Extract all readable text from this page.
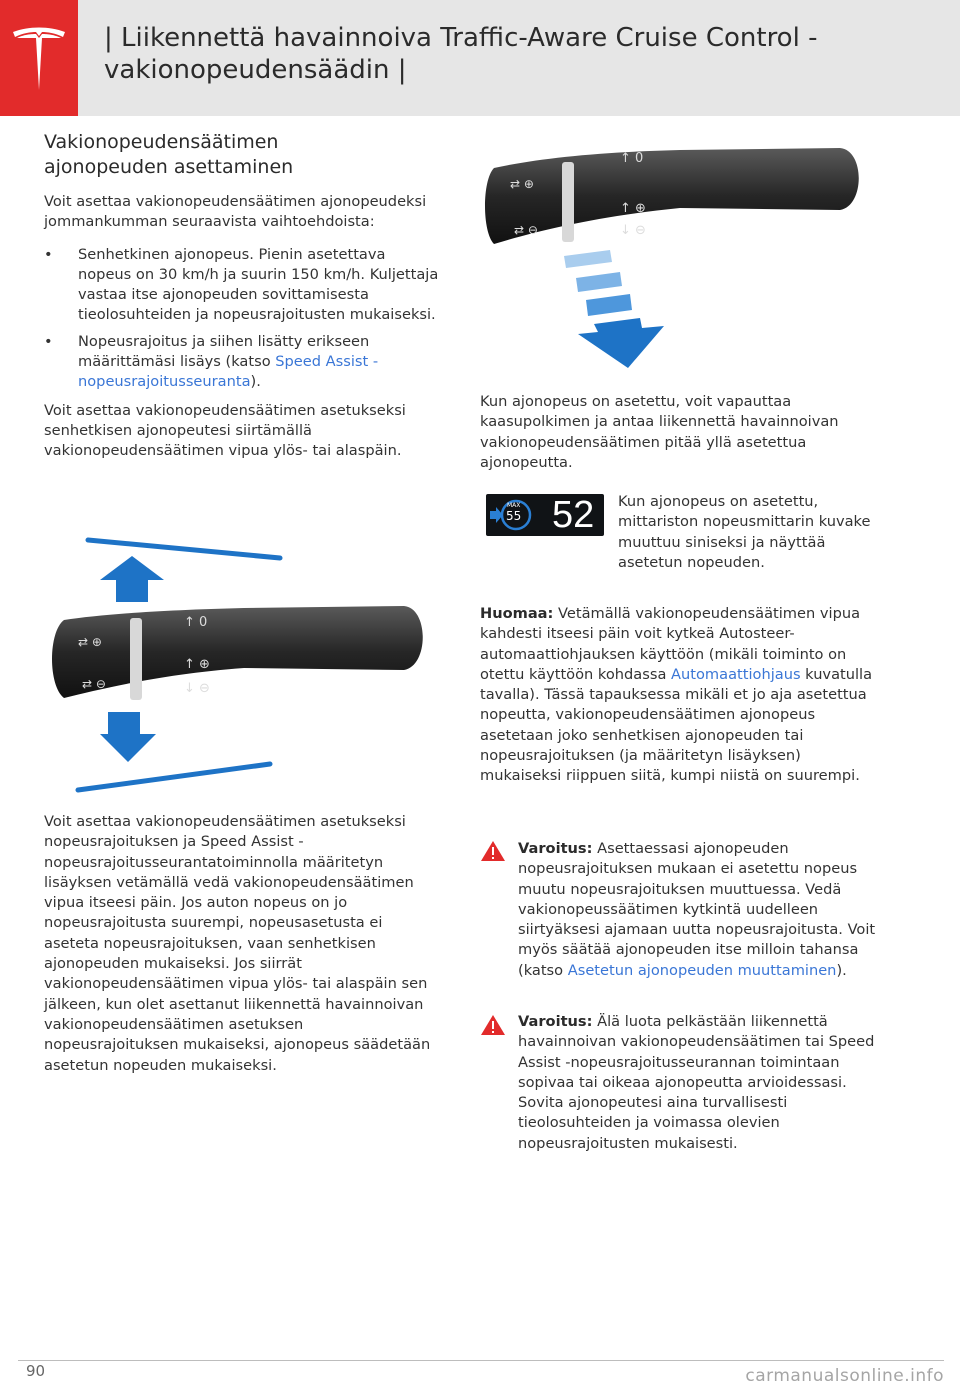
| Liikennettä havainnoiva Traffic-Aware Cruise Control -
vakionopeudensäädin |
Vakionopeudensäätimen
ajonopeuden asettaminen

Voit asettaa vakionopeudensäätimen ajonopeudeksi jommankumman seuraavista vaihtoehdoista:

• Senhetkinen ajonopeus. Pienin asetettava nopeus on 30 km/h ja suurin 150 km/h. Kuljettaja vastaa itse ajonopeuden sovittamisesta tieolosuhteiden ja nopeusrajoitusten mukaiseksi.
• Nopeusrajoitus ja siihen lisätty erikseen määrittämäsi lisäys (katso Speed Assist - nopeusrajoitusseuranta).

Voit asettaa vakionopeudensäätimen asetukseksi senhetkisen ajonopeutesi siirtämällä vakionopeudensäätimen vipua ylös- tai alaspäin.

⇄ ⊕
⇄ ⊖
↑ 0
↑ ⊕
↓ ⊖

Voit asettaa vakionopeudensäätimen asetukseksi nopeusrajoituksen ja Speed Assist -nopeusrajoitusseurantatoiminnolla määritetyn lisäyksen vetämällä vedä vakionopeudensäätimen vipua itseesi päin. Jos auton nopeus on jo nopeusrajoitusta suurempi, nopeusasetusta ei aseteta nopeusrajoituksen, vaan senhetkisen ajonopeuden mukaiseksi. Jos siirrät vakionopeudensäätimen vipua ylös- tai alaspäin sen jälkeen, kun olet asettanut liikennettä havainnoivan vakionopeudensäätimen asetuksen nopeusrajoituksen mukaiseksi, ajonopeus säädetään asetetun nopeuden mukaiseksi.

⇄ ⊕
⇄ ⊖
↑ 0
↑ ⊕
↓ ⊖

Kun ajonopeus on asetettu, voit vapauttaa kaasupolkimen ja antaa liikennettä havainnoivan vakionopeudensäätimen pitää yllä asetettua ajonopeutta.

MAX
55 52 Kun ajonopeus on asetettu, mittariston nopeusmittarin kuvake muuttuu siniseksi ja näyttää asetetun nopeuden.
Huomaa: Vetämällä vakionopeudensäätimen vipua kahdesti itseesi päin voit kytkeä Autosteer-automaattiohjauksen käyttöön (mikäli toiminto on otettu käyttöön kohdassa Automaattiohjaus kuvatulla tavalla). Tässä tapauksessa mikäli et jo aja asetettua nopeutta, vakionopeudensäätimen ajonopeus asetetaan joko senhetkisen ajonopeuden tai nopeusrajoituksen (ja määritetyn lisäyksen) mukaiseksi riippuen siitä, kumpi niistä on suurempi.
Varoitus: Asettaessasi ajonopeuden nopeusrajoituksen mukaan ei asetettu nopeus muutu nopeusrajoituksen muuttuessa. Vedä vakionopeussäätimen kytkintä uudelleen siirtyäksesi ajamaan uutta nopeusrajoitusta. Voit myös säätää ajonopeuden itse milloin tahansa (katso Asetetun ajonopeuden muuttaminen).
Varoitus: Älä luota pelkästään liikennettä havainnoivan vakionopeudensäätimen tai Speed Assist -nopeusrajoitusseurannan toimintaan sopivaa tai oikeaa ajonopeutta arvioidessasi. Sovita ajonopeutesi aina turvallisesti tieolosuhteiden ja voimassa olevien nopeusrajoitusten mukaisesti.
90	carmanualsonline.info
